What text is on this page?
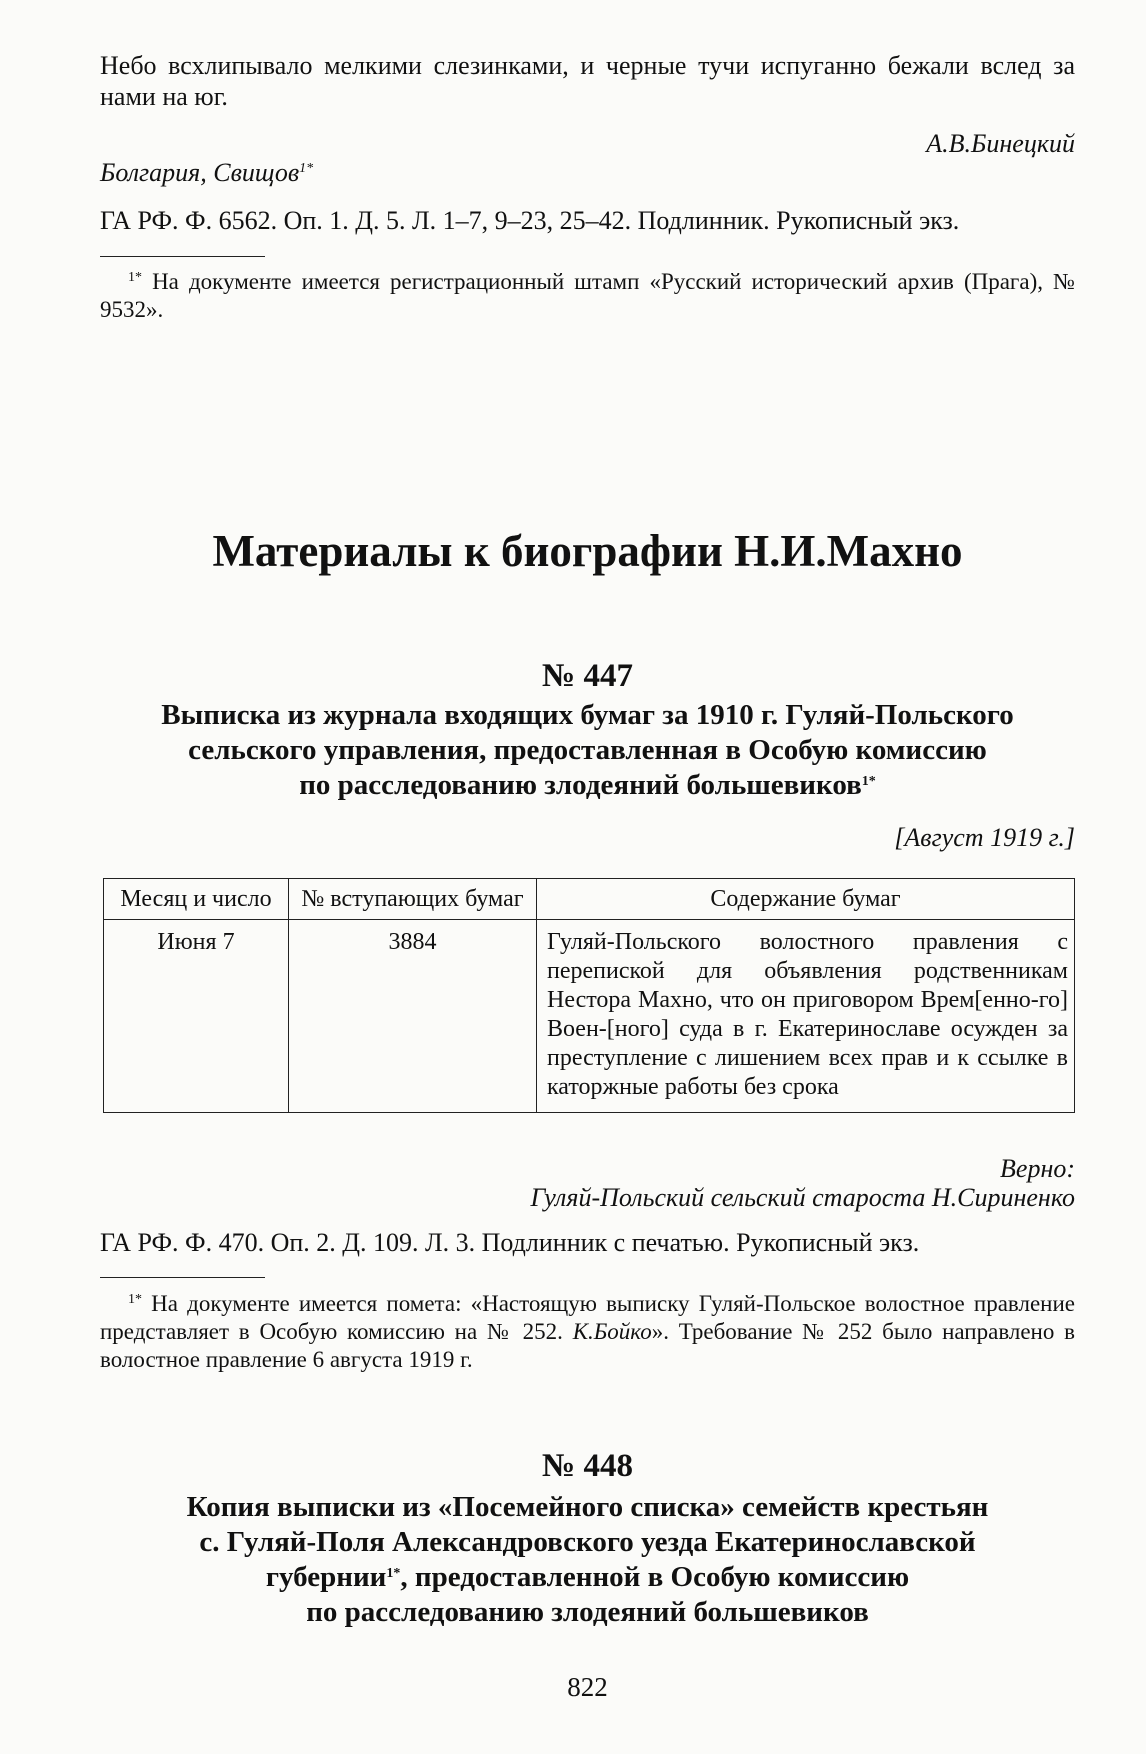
Небо всхлипывало мелкими слезинками, и черные тучи испуганно бежали вслед за нами на юг.
А.В.Бинецкий
Болгария, Свищов$^{1*}$
ГА РФ. Ф. 6562. Оп. 1. Д. 5. Л. 1–7, 9–23, 25–42. Подлинник. Рукописный экз.
$^{1*}$ На документе имеется регистрационный штамп «Русский исторический архив (Прага), № 9532».
Материалы к биографии Н.И.Махно
№ 447
Выписка из журнала входящих бумаг за 1910 г. Гуляй-Польского
сельского управления, предоставленная в Особую комиссию
по расследованию злодеяний большевиков$^{1*}$
[Август 1919 г.]
Месяц и число	№ вступающих бумаг	Содержание бумаг
Июня 7	3884	Гуляй-Польского волостного правления с перепиской для объявления родственникам Нестора Махно, что он приговором Врем[енно-го] Воен-[ного] суда в г. Екатеринославе осужден за преступление с лишением всех прав и к ссылке в каторжные работы без срока
Верно:
Гуляй-Польский сельский староста Н.Сириненко
ГА РФ. Ф. 470. Оп. 2. Д. 109. Л. 3. Подлинник с печатью. Рукописный экз.
$^{1*}$ На документе имеется помета: «Настоящую выписку Гуляй-Польское волостное правление представляет в Особую комиссию на № 252. К.Бойко». Требование № 252 было направлено в волостное правление 6 августа 1919 г.
№ 448
Копия выписки из «Посемейного списка» семейств крестьян
с. Гуляй-Поля Александровского уезда Екатеринославской
губернии$^{1*}$, предоставленной в Особую комиссию
по расследованию злодеяний большевиков
822
